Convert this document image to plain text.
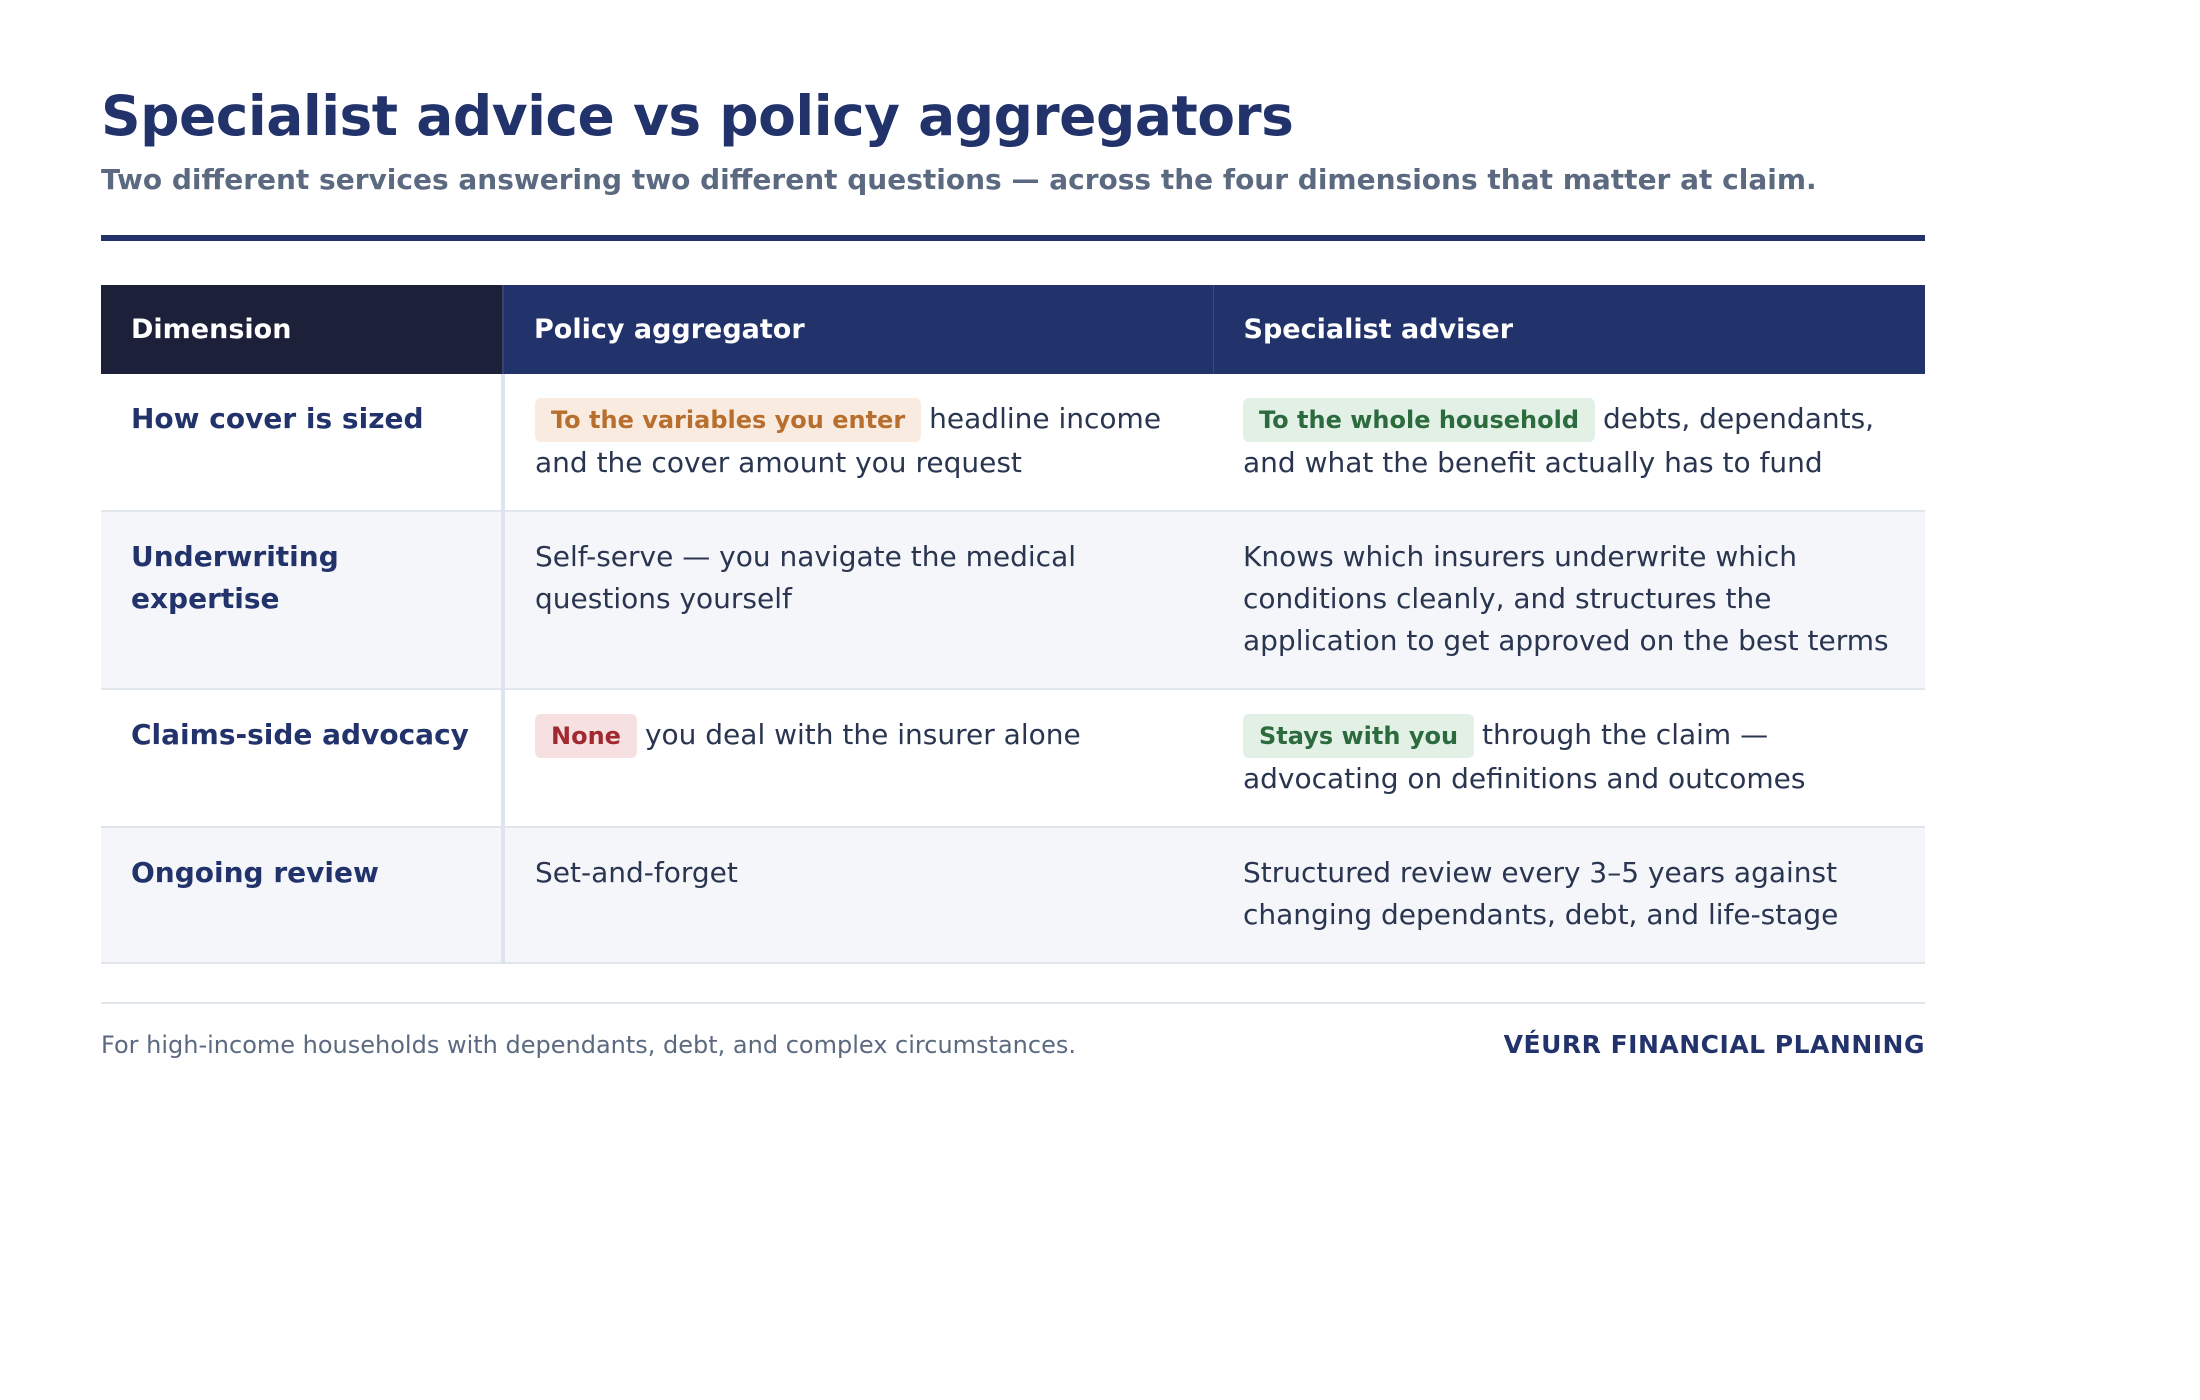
Specialist advice vs policy aggregators

Two different services answering two different questions — across the four dimensions that matter at claim.

Dimension	Policy aggregator	Specialist adviser
How cover is sized	To the variables you enter headline income and the cover amount you request	To the whole household debts, dependants, and what the benefit actually has to fund
Underwriting expertise	Self-serve — you navigate the medical questions yourself	Knows which insurers underwrite which conditions cleanly, and structures the application to get approved on the best terms
Claims-side advocacy	None you deal with the insurer alone	Stays with you through the claim — advocating on definitions and outcomes
Ongoing review	Set-and-forget	Structured review every 3–5 years against changing dependants, debt, and life-stage
For high-income households with dependants, debt, and complex circumstances.	VÉURR FINANCIAL PLANNING
